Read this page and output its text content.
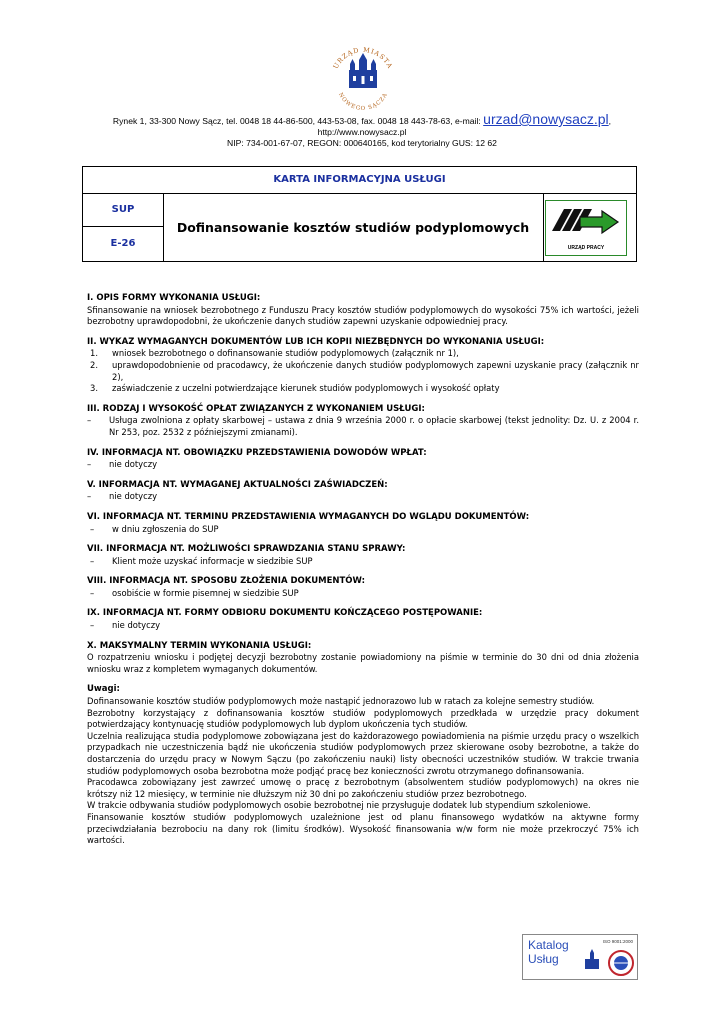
URZĄD MIASTA
NOWEGO SĄCZA
Rynek 1, 33-300 Nowy Sącz, tel. 0048 18 44-86-500, 443-53-08, fax. 0048 18 443-78-63, e-mail: urzad@nowysacz.pl,
http://www.nowysacz.pl
NIP: 734-001-67-07, REGON: 000640165, kod terytorialny GUS: 12 62
KARTA INFORMACYJNA USŁUGI
SUP
E-26
Dofinansowanie kosztów studiów podyplomowych
URZĄD PRACY
I. OPIS FORMY WYKONANIA USŁUGI:

Sfinansowanie na wniosek bezrobotnego z Funduszu Pracy kosztów studiów podyplomowych do wysokości 75% ich wartości, jeżeli bezrobotny uprawdopodobni, że ukończenie danych studiów zapewni uzyskanie odpowiedniej pracy.

II. WYKAZ WYMAGANYCH DOKUMENTÓW LUB ICH KOPII NIEZBĘDNYCH DO WYKONANIA USŁUGI:
1. wniosek bezrobotnego o dofinansowanie studiów podyplomowych (załącznik nr 1),
2. uprawdopodobnienie od pracodawcy, że ukończenie danych studiów podyplomowych zapewni uzyskanie pracy (załącznik nr 2),
3. zaświadczenie z uczelni potwierdzające kierunek studiów podyplomowych i wysokość opłaty
III. RODZAJ I WYSOKOŚĆ OPŁAT ZWIĄZANYCH Z WYKONANIEM USŁUGI:
– Usługa zwolniona z opłaty skarbowej – ustawa z dnia 9 września 2000 r. o opłacie skarbowej (tekst jednolity: Dz. U. z 2004 r. Nr 253, poz. 2532 z późniejszymi zmianami).
IV. INFORMACJA NT. OBOWIĄZKU PRZEDSTAWIENIA DOWODÓW WPŁAT:
– nie dotyczy
V. INFORMACJA NT. WYMAGANEJ AKTUALNOŚCI ZAŚWIADCZEŃ:
– nie dotyczy
VI. INFORMACJA NT. TERMINU PRZEDSTAWIENIA WYMAGANYCH DO WGLĄDU DOKUMENTÓW:
– w dniu zgłoszenia do SUP
VII. INFORMACJA NT. MOŻLIWOŚCI SPRAWDZANIA STANU SPRAWY:
– Klient może uzyskać informacje w siedzibie SUP
VIII. INFORMACJA NT. SPOSOBU ZŁOŻENIA DOKUMENTÓW:
– osobiście w formie pisemnej w siedzibie SUP
IX. INFORMACJA NT. FORMY ODBIORU DOKUMENTU KOŃCZĄCEGO POSTĘPOWANIE:
– nie dotyczy
X. MAKSYMALNY TERMIN WYKONANIA USŁUGI:

O rozpatrzeniu wniosku i podjętej decyzji bezrobotny zostanie powiadomiony na piśmie w terminie do 30 dni od dnia złożenia wniosku wraz z kompletem wymaganych dokumentów.

Uwagi:

Dofinansowanie kosztów studiów podyplomowych może nastąpić jednorazowo lub w ratach za kolejne semestry studiów.

Bezrobotny korzystający z dofinansowania kosztów studiów podyplomowych przedkłada w urzędzie pracy dokument potwierdzający kontynuację studiów podyplomowych lub dyplom ukończenia tych studiów.

Uczelnia realizująca studia podyplomowe zobowiązana jest do każdorazowego powiadomienia na piśmie urzędu pracy o wszelkich przypadkach nie uczestniczenia bądź nie ukończenia studiów podyplomowych przez skierowane osoby bezrobotne, a także do dostarczenia do urzędu pracy w Nowym Sączu (po zakończeniu nauki) listy obecności uczestników studiów. W trakcie trwania studiów podyplomowych osoba bezrobotna może podjąć pracę bez konieczności zwrotu otrzymanego dofinansowania.

Pracodawca zobowiązany jest zawrzeć umowę o pracę z bezrobotnym (absolwentem studiów podyplomowych) na okres nie krótszy niż 12 miesięcy, w terminie nie dłuższym niż 30 dni po zakończeniu studiów przez bezrobotnego.

W trakcie odbywania studiów podyplomowych osobie bezrobotnej nie przysługuje dodatek lub stypendium szkoleniowe.

Finansowanie kosztów studiów podyplomowych uzależnione jest od planu finansowego wydatków na aktywne formy przeciwdziałania bezrobociu na dany rok (limitu środków). Wysokość finansowania w/w form nie może przekroczyć 75% ich wartości.

Katalog
Usług
ISO 9001:2000
